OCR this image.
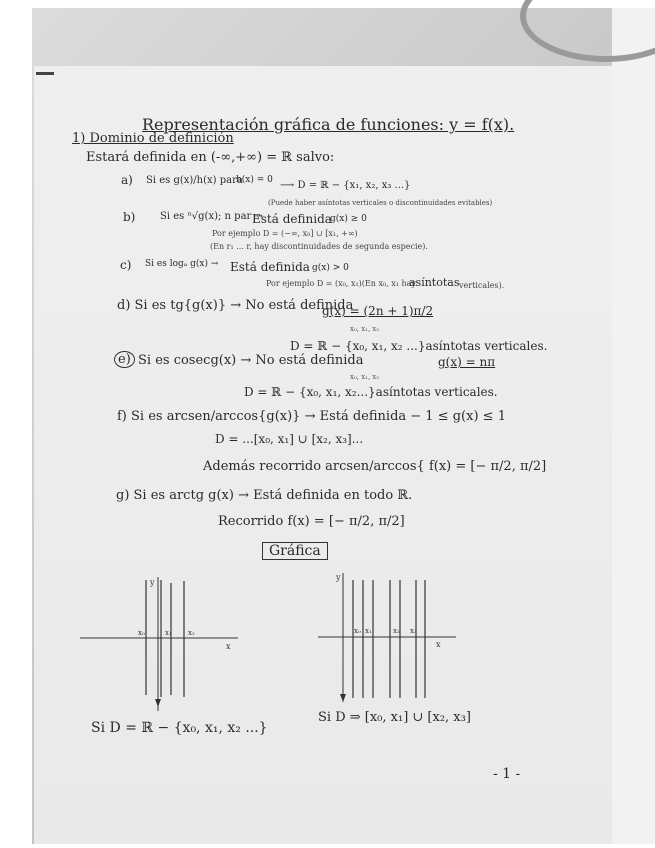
Representación gráfica de funciones: y = f(x).
1) Dominio de definición
Estará definida en (-∞,+∞) = ℝ salvo:
a) Si es g(x)/h(x) para
h(x) = 0 ⟶ D = ℝ − {x₁, x₂, x₃ ...}
(Puede haber asíntotas verticales o discontinuidades evitables)
b) Si es ⁿ√g(x); n par →
Está definida
g(x) ≥ 0
Por ejemplo D = (−∞, x₀] ∪ [x₁, +∞)
(En r₁ ... r, hay discontinuidades de segunda especie).
c) Si es logₐ g(x) → Está definida g(x) > 0
Por ejemplo D = (x₀, x₁)(En x₀, x₁ hay
asíntotas verticales).
d) Si es tg{g(x)} → No está definida
g(x) = (2n + 1)π/2
x₀, x₁, x₂
D = ℝ − {x₀, x₁, x₂ ...}asíntotas verticales.
e) Si es cosecg(x) → No está definida	g(x) = nπ
x₀, x₁, x₂
D = ℝ − {x₀, x₁, x₂...}asíntotas verticales.
f) Si es arcsen/arccos{g(x)} → Está definida − 1 ≤ g(x) ≤ 1
D = ...[x₀, x₁] ∪ [x₂, x₃]...
Además recorrido arcsen/arccos{ f(x) = [− π/2, π/2]
g) Si es arctg g(x) → Está definida en todo ℝ.
Recorrido f(x) = [− π/2, π/2]
Gráfica
y
x
x₀	x₁ x₂
y
x
x₀ x₁	x₂ x₃
Si D = ℝ − {x₀, x₁, x₂ ...}
Si D ⇒ [x₀, x₁] ∪ [x₂, x₃]
- 1 -
